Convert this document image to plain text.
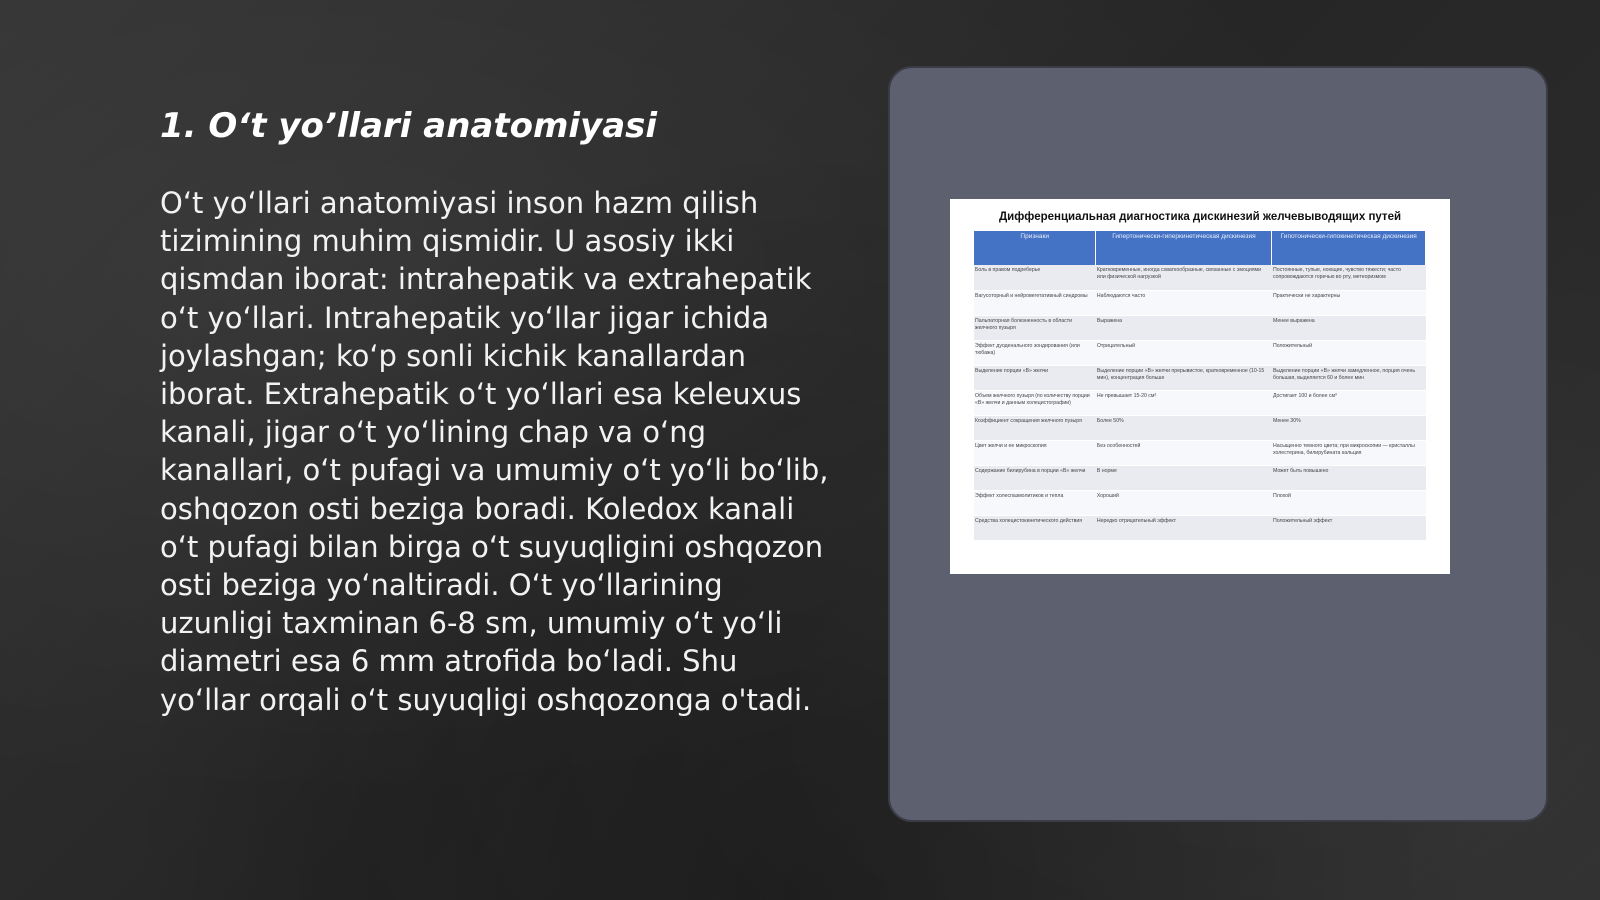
1. O‘t yo’llari anatomiyasi

O‘t yo‘llari anatomiyasi inson hazm qilish tizimining muhim qismidir. U asosiy ikki qismdan iborat: intrahepatik va extrahepatik o‘t yo‘llari. Intrahepatik yo‘llar jigar ichida joylashgan; ko‘p sonli kichik kanallardan iborat. Extrahepatik o‘t yo‘llari esa keleuxus kanali, jigar o‘t yo‘lining chap va o‘ng kanallari, o‘t pufagi va umumiy o‘t yo‘li bo‘lib, oshqozon osti beziga boradi. Koledox kanali o‘t pufagi bilan birga o‘t suyuqligini oshqozon osti beziga yo‘naltiradi. O‘t yo‘llarining uzunligi taxminan 6-8 sm, umumiy o‘t yo‘li diametri esa 6 mm atrofida bo‘ladi. Shu yo‘llar orqali o‘t suyuqligi oshqozonga o'tadi.

Дифференциальная диагностика дискинезий желчевыводящих путей
Признаки	Гипертонически-гиперкинетическая дискинезия	Гипотонически-гипокинетическая дискинезия
Боль в правом подреберье	Кратковременные, иногда схваткообразные, связанные с эмоциями или физической нагрузкой	Постоянные, тупые, ноющие, чувство тяжести; часто сопровождаются горечью во рту, метеоризмом
Вагусоторный и нейровегетативный синдромы	Наблюдаются часто	Практически не характерны
Пальпаторная болезненность в области желчного пузыря	Выражена	Менее выражена
Эффект дуоденального зондирования (или тюбажа)	Отрицательный	Положительный
Выделение порции «В» желчи	Выделение порции «В» желчи прерывистое, кратковременное (10-15 мин), концентрация больше	Выделение порции «В» желчи замедленное, порция очень большая, выделяется 60 и более мин
Объем желчного пузыря (по количеству порции «В» желчи и данным холецистографии)	Не превышает 15-20 см³	Достигает 100 и более см³
Коэффициент сокращения желчного пузыря	Более 50%	Менее 30%
Цвет желчи и ее микроскопия	Без особенностей	Насыщенно темного цвета; при микроскопии — кристаллы холестерина, билирубината кальция
Содержание билирубина в порции «В» желчи	В норме	Может быть повышено
Эффект холеспазмолитиков и тепла	Хороший	Плохой
Средства холецистокинетического действия	Нередко отрицательный эффект	Положительный эффект
